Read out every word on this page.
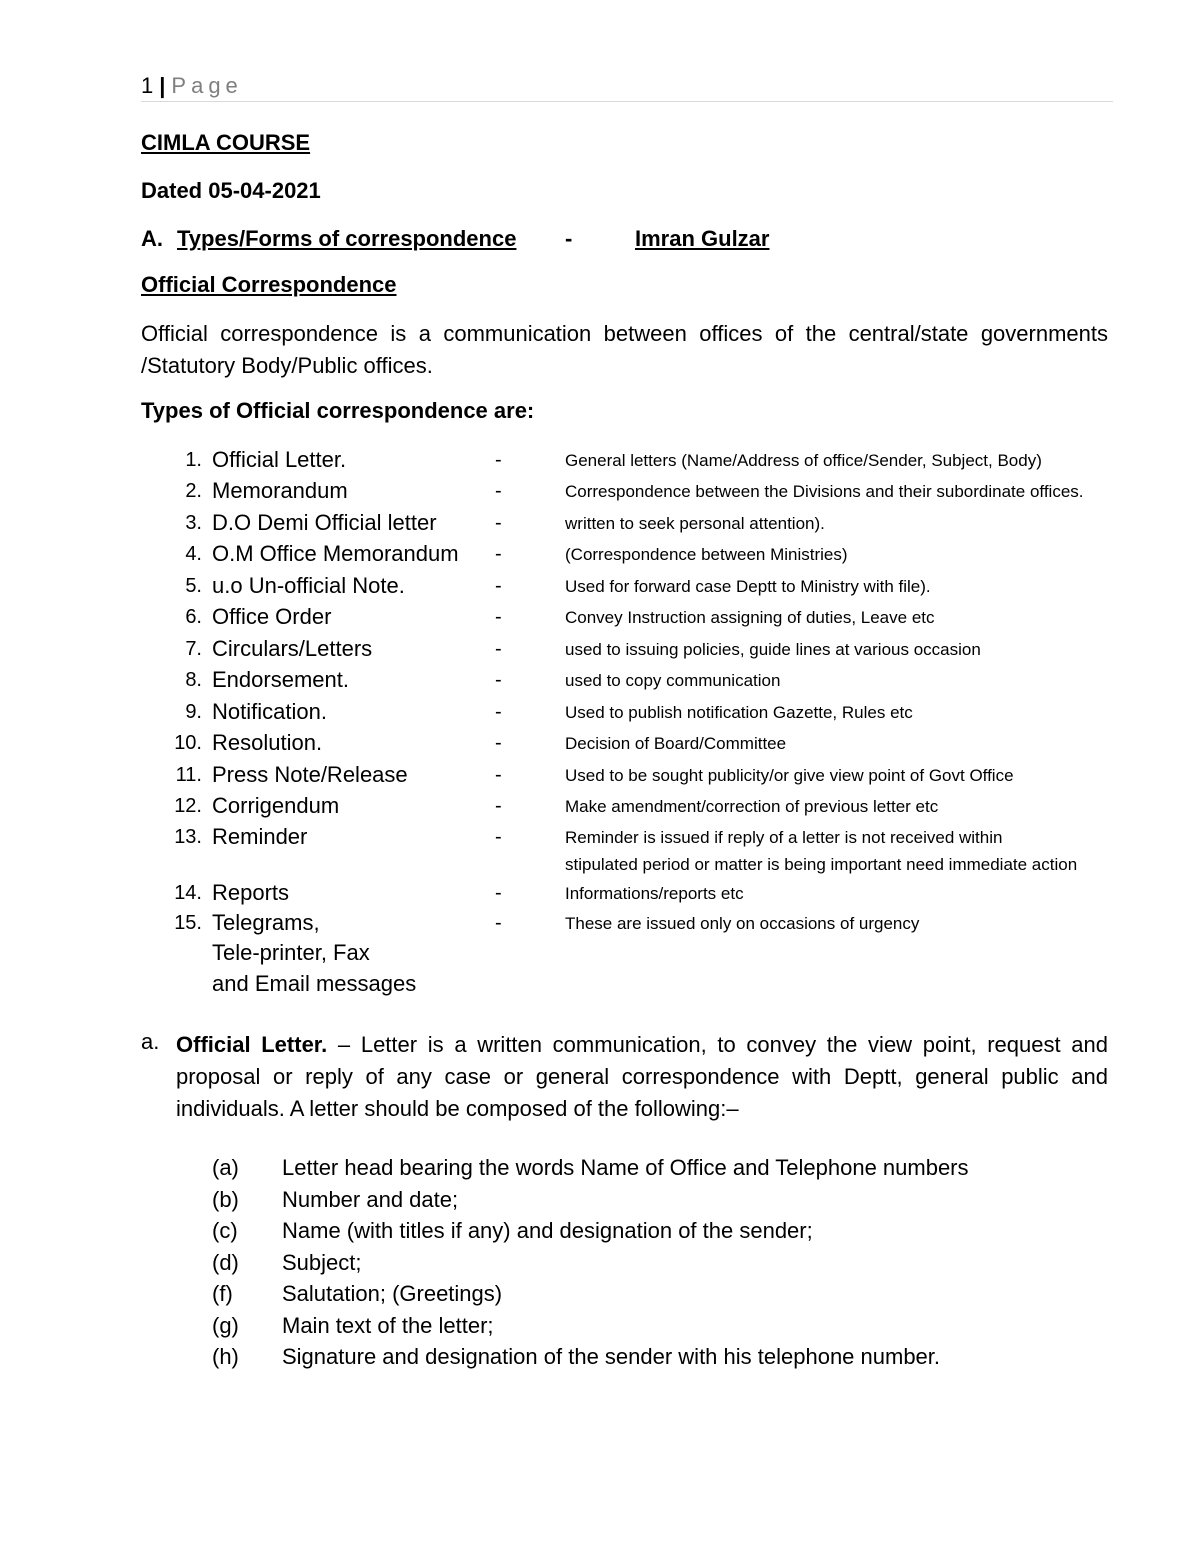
1 | Page
CIMLA COURSE
Dated 05-04-2021
A. Types/Forms of correspondence -	Imran Gulzar
Official Correspondence
Official correspondence is a communication between offices of the central/state governments /Statutory Body/Public offices.
Types of Official correspondence are:
1. Official Letter.	-	General letters (Name/Address of office/Sender, Subject, Body)
2. Memorandum	-	Correspondence between the Divisions and their subordinate offices.
3. D.O Demi Official letter	-	written to seek personal attention).
4. O.M Office Memorandum -	(Correspondence between Ministries)
5. u.o Un-official Note.	-	Used for forward case Deptt to Ministry with file).
6. Office Order	-	Convey Instruction assigning of duties, Leave etc
7. Circulars/Letters	-	used to issuing policies, guide lines at various occasion
8. Endorsement.	-	used to copy communication
9. Notification.	-	Used to publish notification Gazette, Rules etc
10. Resolution.	-	Decision of Board/Committee
11. Press Note/Release	-	Used to be sought publicity/or give view point of Govt Office
12. Corrigendum	-	Make amendment/correction of previous letter etc
13. Reminder	-	Reminder is issued if reply of a letter is not received within
stipulated period or matter is being important need immediate action
14. Reports	-	Informations/reports etc
15. Telegrams,	-	These are issued only on occasions of urgency
Tele-printer, Fax
and Email messages
a. Official Letter. – Letter is a written communication, to convey the view point, request and proposal or reply of any case or general correspondence with Deptt, general public and individuals. A letter should be composed of the following:–
(a) Letter head bearing the words Name of Office and Telephone numbers
(b) Number and date;
(c) Name (with titles if any) and designation of the sender;
(d) Subject;
(f) Salutation; (Greetings)
(g) Main text of the letter;
(h) Signature and designation of the sender with his telephone number.
